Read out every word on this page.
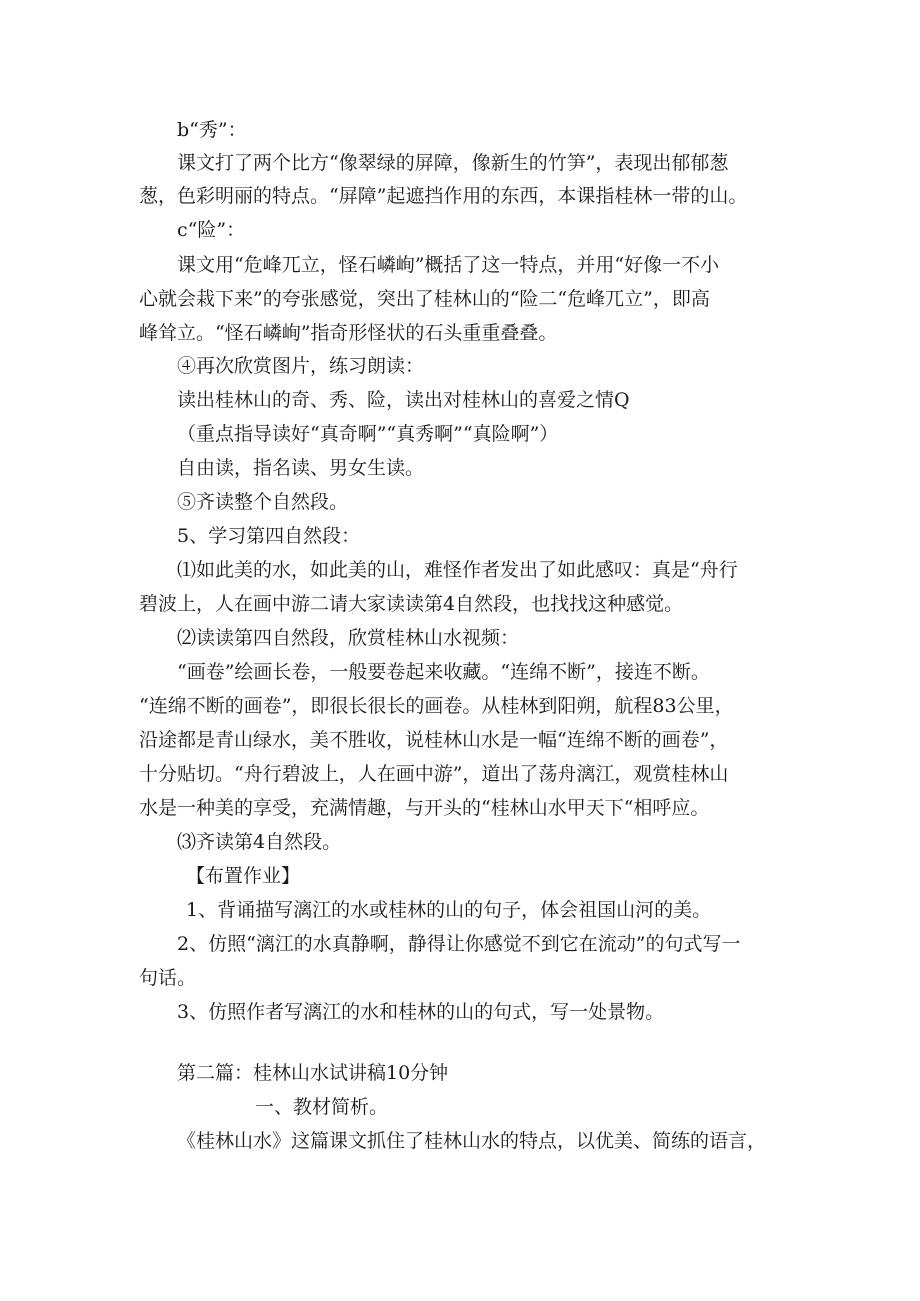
b“秀”：

课文打了两个比方“像翠绿的屏障，像新生的竹笋”，表现出郁郁葱

葱，色彩明丽的特点。“屏障”起遮挡作用的东西，本课指桂林一带的山。

c“险”：

课文用“危峰兀立，怪石嶙峋”概括了这一特点，并用“好像一不小

心就会栽下来”的夸张感觉，突出了桂林山的“险二“危峰兀立”，即高

峰耸立。“怪石嶙峋”指奇形怪状的石头重重叠叠。

④再次欣赏图片，练习朗读：

读出桂林山的奇、秀、险，读出对桂林山的喜爱之情Q

（重点指导读好“真奇啊”“真秀啊”“真险啊”）

自由读，指名读、男女生读。

⑤齐读整个自然段。

5、学习第四自然段：

⑴如此美的水，如此美的山，难怪作者发出了如此感叹：真是“舟行

碧波上，人在画中游二请大家读读第4自然段，也找找这种感觉。

⑵读读第四自然段，欣赏桂林山水视频：

“画卷”绘画长卷，一般要卷起来收藏。“连绵不断”，接连不断。

“连绵不断的画卷”，即很长很长的画卷。从桂林到阳朔，航程83公里，

沿途都是青山绿水，美不胜收，说桂林山水是一幅“连绵不断的画卷”，

十分贴切。“舟行碧波上，人在画中游”，道出了荡舟漓江，观赏桂林山

水是一种美的享受，充满情趣，与开头的“桂林山水甲天下“相呼应。

⑶齐读第4自然段。

【布置作业】

1、背诵描写漓江的水或桂林的山的句子，体会祖国山河的美。

2、仿照“漓江的水真静啊，静得让你感觉不到它在流动”的句式写一

句话。

3、仿照作者写漓江的水和桂林的山的句式，写一处景物。

第二篇：桂林山水试讲稿10分钟

一、教材简析。

《桂林山水》这篇课文抓住了桂林山水的特点，以优美、简练的语言，
